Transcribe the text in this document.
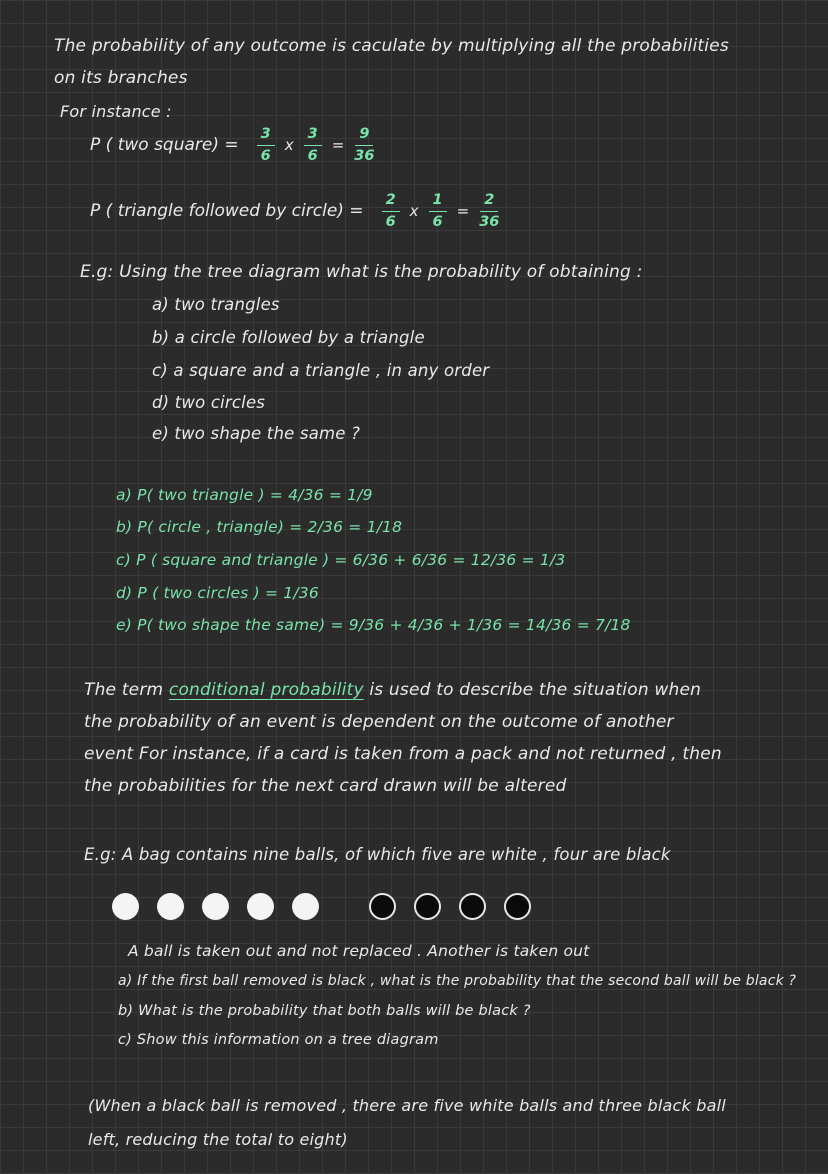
The probability of any outcome is caculate by multiplying all the probabilities
on its branches
For instance :
P ( two square) = $\frac{3}{6}$ x $\frac{3}{6} = \frac{9}{36}$
P ( triangle followed by circle) = $\frac{2}{6}$ x $\frac{1}{6} = \frac{2}{36}$
E.g: Using the tree diagram what is the probability of obtaining :
a) two trangles
b) a circle followed by a triangle
c) a square and a triangle , in any order
d) two circles
e) two shape the same ?
a) P( two triangle ) = 4/36 = 1/9
b) P( circle , triangle) = 2/36 = 1/18
c) P ( square and triangle ) = 6/36 + 6/36 = 12/36 = 1/3
d) P ( two circles ) = 1/36
e) P( two shape the same) = 9/36 + 4/36 + 1/36 = 14/36 = 7/18
The term conditional probability is used to describe the situation when
the probability of an event is dependent on the outcome of another
event For instance, if a card is taken from a pack and not returned , then
the probabilities for the next card drawn will be altered
E.g: A bag contains nine balls, of which five are white , four are black
A ball is taken out and not replaced . Another is taken out
a) If the first ball removed is black , what is the probability that the second ball will be black ?
b) What is the probability that both balls will be black ?
c) Show this information on a tree diagram
(When a black ball is removed , there are five white balls and three black ball
left, reducing the total to eight)
